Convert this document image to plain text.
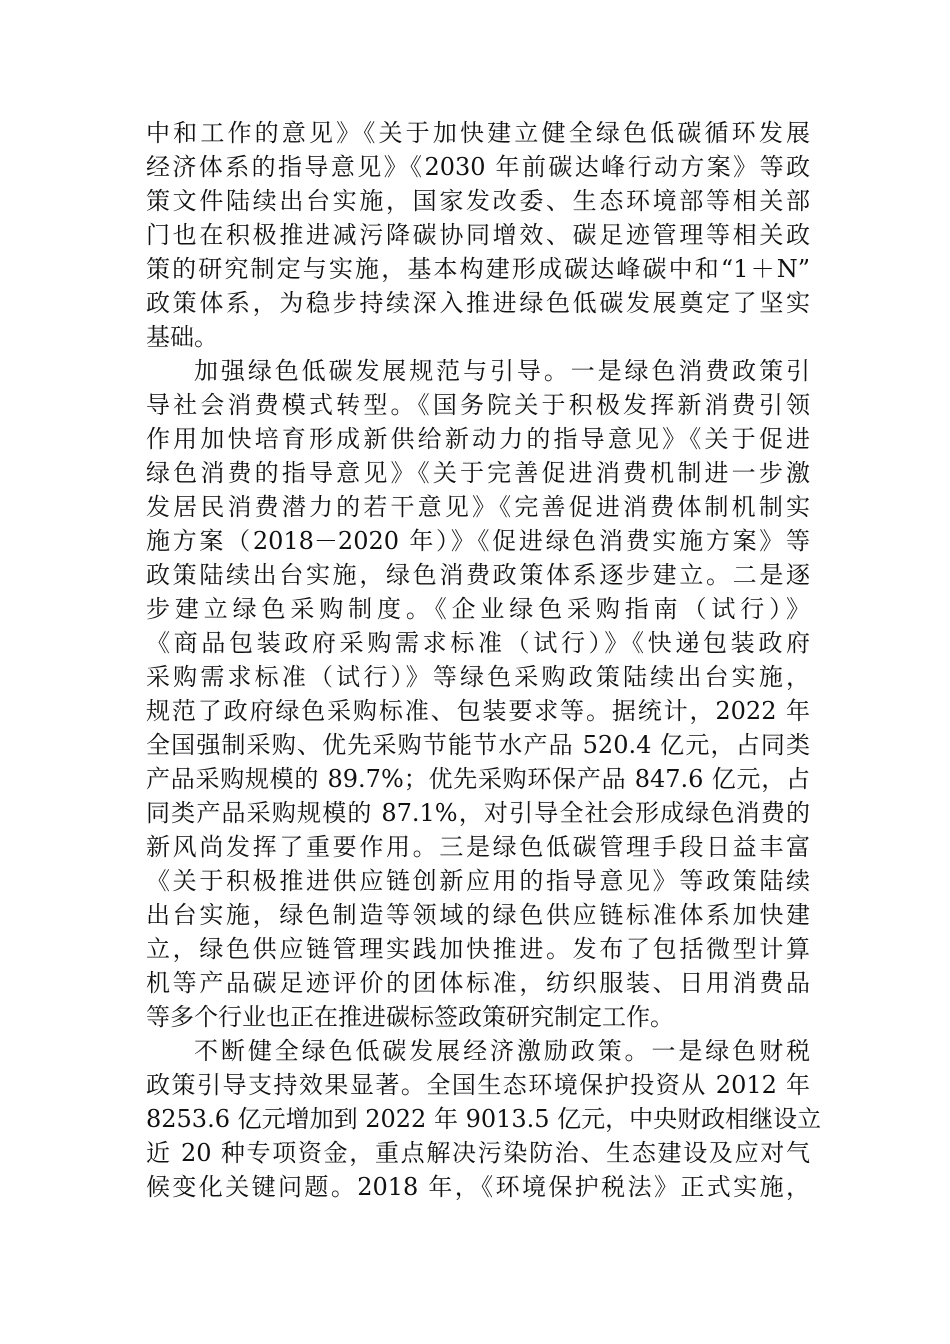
中和工作的意见》《关于加快建立健全绿色低碳循环发展
经济体系的指导意见》《2030 年前碳达峰行动方案》等政
策文件陆续出台实施，国家发改委、生态环境部等相关部
门也在积极推进减污降碳协同增效、碳足迹管理等相关政
策的研究制定与实施，基本构建形成碳达峰碳中和“1＋N”
政策体系，为稳步持续深入推进绿色低碳发展奠定了坚实
基础。
加强绿色低碳发展规范与引导。一是绿色消费政策引
导社会消费模式转型。《国务院关于积极发挥新消费引领
作用加快培育形成新供给新动力的指导意见》《关于促进
绿色消费的指导意见》《关于完善促进消费机制进一步激
发居民消费潜力的若干意见》《完善促进消费体制机制实
施方案（2018－2020 年）》《促进绿色消费实施方案》等
政策陆续出台实施，绿色消费政策体系逐步建立。二是逐
步建立绿色采购制度。《企业绿色采购指南（试行）》
《商品包装政府采购需求标准（试行）》《快递包装政府
采购需求标准（试行）》等绿色采购政策陆续出台实施，
规范了政府绿色采购标准、包装要求等。据统计，2022 年
全国强制采购、优先采购节能节水产品 520.4 亿元，占同类
产品采购规模的 89.7%；优先采购环保产品 847.6 亿元，占
同类产品采购规模的 87.1%，对引导全社会形成绿色消费的
新风尚发挥了重要作用。三是绿色低碳管理手段日益丰富
《关于积极推进供应链创新应用的指导意见》等政策陆续
出台实施，绿色制造等领域的绿色供应链标准体系加快建
立，绿色供应链管理实践加快推进。发布了包括微型计算
机等产品碳足迹评价的团体标准，纺织服装、日用消费品
等多个行业也正在推进碳标签政策研究制定工作。
不断健全绿色低碳发展经济激励政策。一是绿色财税
政策引导支持效果显著。全国生态环境保护投资从 2012 年
8253.6 亿元增加到 2022 年 9013.5 亿元，中央财政相继设立
近 20 种专项资金，重点解决污染防治、生态建设及应对气
候变化关键问题。2018 年，《环境保护税法》正式实施，
